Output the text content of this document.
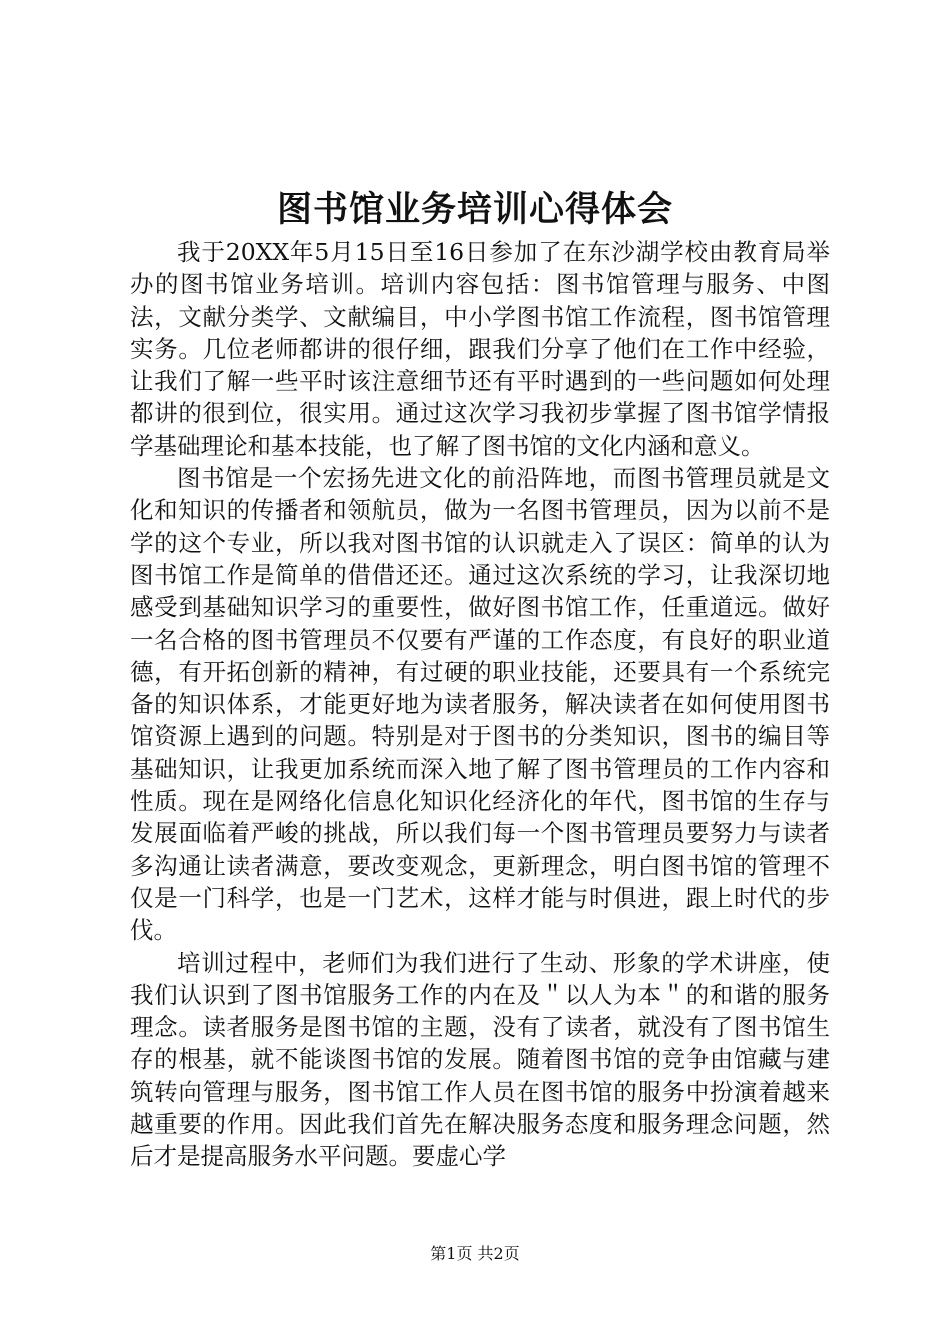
图书馆业务培训心得体会

我于20XX年5月15日至16日参加了在东沙湖学校由教育局举办的图书馆业务培训。培训内容包括：图书馆管理与服务、中图法，文献分类学、文献编目，中小学图书馆工作流程，图书馆管理实务。几位老师都讲的很仔细，跟我们分享了他们在工作中经验，让我们了解一些平时该注意细节还有平时遇到的一些问题如何处理都讲的很到位，很实用。通过这次学习我初步掌握了图书馆学情报学基础理论和基本技能，也了解了图书馆的文化内涵和意义。

图书馆是一个宏扬先进文化的前沿阵地，而图书管理员就是文化和知识的传播者和领航员，做为一名图书管理员，因为以前不是学的这个专业，所以我对图书馆的认识就走入了误区：简单的认为图书馆工作是简单的借借还还。通过这次系统的学习，让我深切地感受到基础知识学习的重要性，做好图书馆工作，任重道远。做好一名合格的图书管理员不仅要有严谨的工作态度，有良好的职业道德，有开拓创新的精神，有过硬的职业技能，还要具有一个系统完备的知识体系，才能更好地为读者服务，解决读者在如何使用图书馆资源上遇到的问题。特别是对于图书的分类知识，图书的编目等基础知识，让我更加系统而深入地了解了图书管理员的工作内容和性质。现在是网络化信息化知识化经济化的年代，图书馆的生存与发展面临着严峻的挑战，所以我们每一个图书管理员要努力与读者多沟通让读者满意，要改变观念，更新理念，明白图书馆的管理不仅是一门科学，也是一门艺术，这样才能与时俱进，跟上时代的步伐。

培训过程中，老师们为我们进行了生动、形象的学术讲座，使我们认识到了图书馆服务工作的内在及＂以人为本＂的和谐的服务理念。读者服务是图书馆的主题，没有了读者，就没有了图书馆生存的根基，就不能谈图书馆的发展。随着图书馆的竞争由馆藏与建筑转向管理与服务，图书馆工作人员在图书馆的服务中扮演着越来越重要的作用。因此我们首先在解决服务态度和服务理念问题，然后才是提高服务水平问题。要虚心学

第1页 共2页
